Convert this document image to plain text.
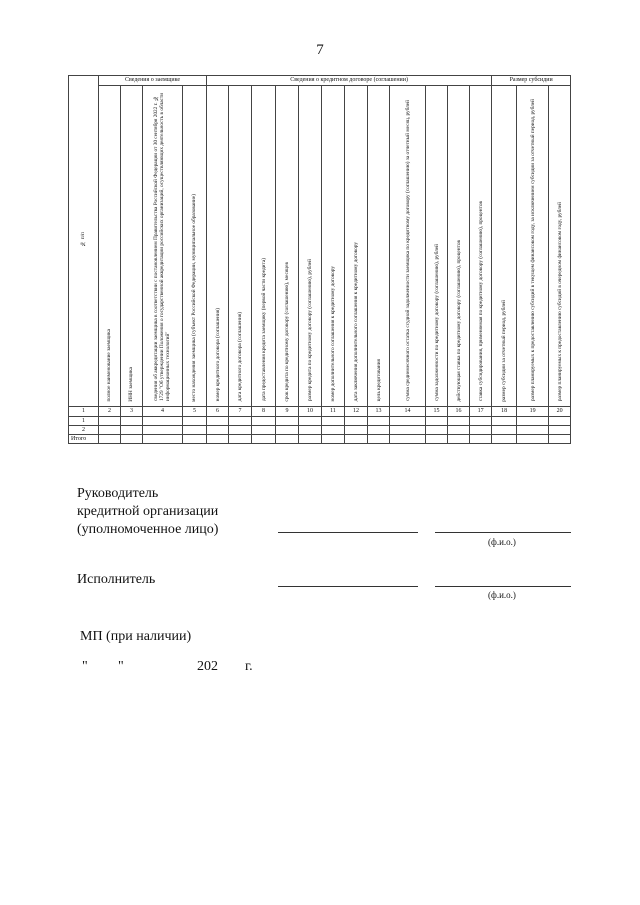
7
№ п/п	Сведения о заемщике				Сведения о кредитном договоре (соглашении)												Размер субсидии		
	полное наименование заемщика	ИНН заемщика	сведения об аккредитации заемщика в соответствии с постановлением Правительства Российской Федерации от 30 сентября 2022 г. № 1729 "Об утверждении Положения о государственной аккредитации российских организаций, осуществляющих деятельность в области информационных технологий"	место нахождения заемщика (субъект Российской Федерации, муниципальное образование)	номер кредитного договора (соглашения)	дата кредитного договора (соглашения)	дата предоставления кредита заемщику (первой части кредита)	срок кредита по кредитному договору (соглашению), месяцев	размер кредита по кредитному договору (соглашению), рублей	номер дополнительного соглашения к кредитному договору	дата заключения дополнительного соглашения к кредитному договору	цель кредитования	сумма среднемесячного остатка ссудной задолженности заемщика по кредитному договору (соглашению) за отчетный месяц, рублей	сумма задолженности по кредитному договору (соглашению), рублей	действующая ставка по кредитному договору (соглашению), процентов	ставка субсидирования, применяемая по кредитному договору (соглашению), процентов	размер субсидии за отчетный период, рублей	размер планируемых к предоставлению субсидий в текущем финансовом году, за исключением субсидии за отчетный период, рублей	размер планируемых к предоставлению субсидий в очередном финансовом году, рублей
1	2	3	4	5	6	7	8	9	10	11	12	13	14	15	16	17	18	19	20
1																			
2																			
Итого																			
Руководитель
кредитной организации
(уполномоченное лицо)
(ф.и.о.)
Исполнитель
(ф.и.о.)
МП (при наличии)
" "	202 г.
